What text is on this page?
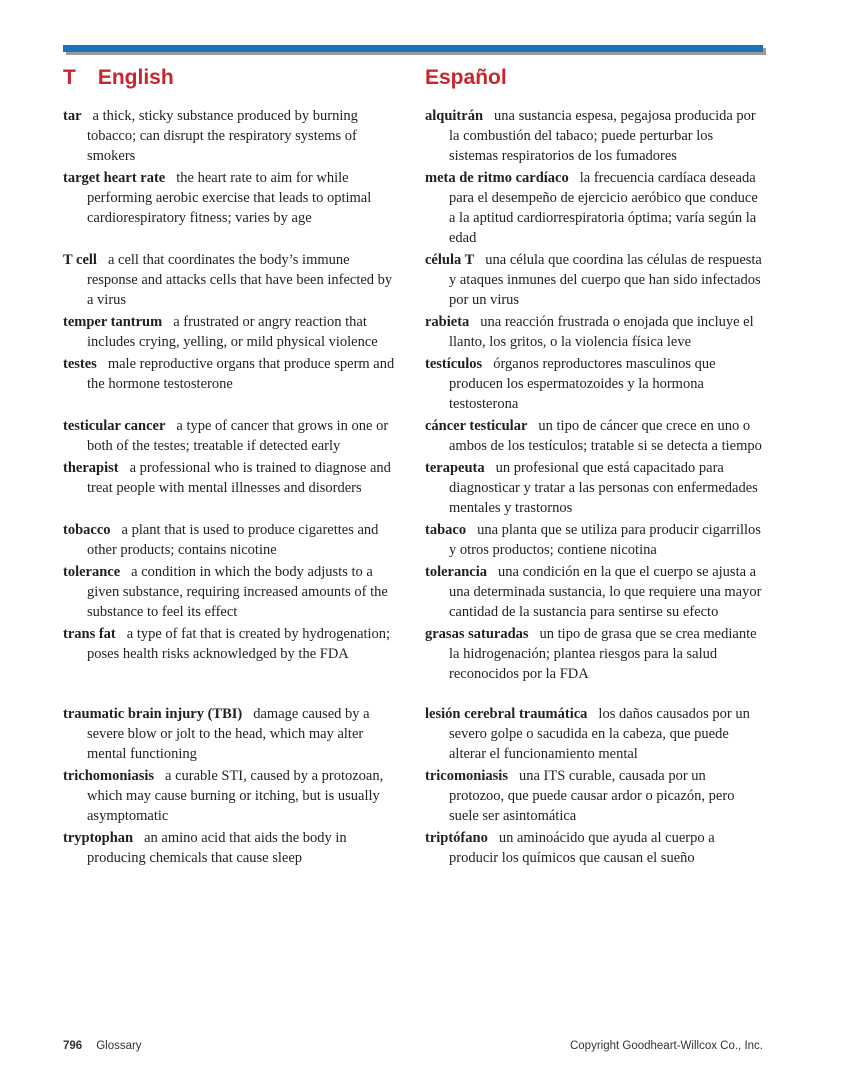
T English	Español

tar a thick, sticky substance produced by burning tobacco; can disrupt the respiratory systems of smokers

alquitrán una sustancia espesa, pegajosa producida por la combustión del tabaco; puede perturbar los sistemas respiratorios de los fumadores

target heart rate the heart rate to aim for while performing aerobic exercise that leads to optimal cardiorespiratory fitness; varies by age

meta de ritmo cardíaco la frecuencia cardíaca deseada para el desempeño de ejercicio aeróbico que conduce a la aptitud cardiorrespiratoria óptima; varía según la edad

T cell a cell that coordinates the body’s immune response and attacks cells that have been infected by a virus

célula T una célula que coordina las células de respuesta y ataques inmunes del cuerpo que han sido infectados por un virus

temper tantrum a frustrated or angry reaction that includes crying, yelling, or mild physical violence

rabieta una reacción frustrada o enojada que incluye el llanto, los gritos, o la violencia física leve

testes male reproductive organs that produce sperm and the hormone testosterone

testículos órganos reproductores masculinos que producen los espermatozoides y la hormona testosterona

testicular cancer a type of cancer that grows in one or both of the testes; treatable if detected early

cáncer testicular un tipo de cáncer que crece en uno o ambos de los testículos; tratable si se detecta a tiempo

therapist a professional who is trained to diagnose and treat people with mental illnesses and disorders

terapeuta un profesional que está capacitado para diagnosticar y tratar a las personas con enfermedades mentales y trastornos

tobacco a plant that is used to produce cigarettes and other products; contains nicotine

tabaco una planta que se utiliza para producir cigarrillos y otros productos; contiene nicotina

tolerance a condition in which the body adjusts to a given substance, requiring increased amounts of the substance to feel its effect

tolerancia una condición en la que el cuerpo se ajusta a una determinada sustancia, lo que requiere una mayor cantidad de la sustancia para sentirse su efecto

trans fat a type of fat that is created by hydrogenation; poses health risks acknowledged by the FDA

grasas saturadas un tipo de grasa que se crea mediante la hidrogenación; plantea riesgos para la salud reconocidos por la FDA

traumatic brain injury (TBI) damage caused by a severe blow or jolt to the head, which may alter mental functioning

lesión cerebral traumática los daños causados por un severo golpe o sacudida en la cabeza, que puede alterar el funcionamiento mental

trichomoniasis a curable STI, caused by a protozoan, which may cause burning or itching, but is usually asymptomatic

tricomoniasis una ITS curable, causada por un protozoo, que puede causar ardor o picazón, pero suele ser asintomática

tryptophan an amino acid that aids the body in producing chemicals that cause sleep

triptófano un aminoácido que ayuda al cuerpo a producir los químicos que causan el sueño

796 Glossary	Copyright Goodheart-Willcox Co., Inc.
